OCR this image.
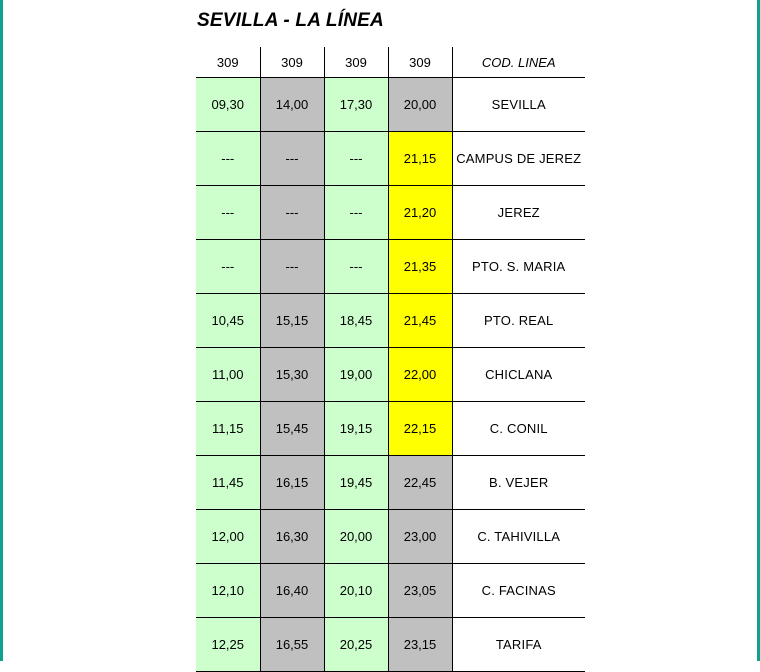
SEVILLA - LA LÍNEA
309	309	309	309	COD. LINEA
09,30	14,00	17,30	20,00	SEVILLA
---	---	---	21,15	CAMPUS DE JEREZ
---	---	---	21,20	JEREZ
---	---	---	21,35	PTO. S. MARIA
10,45	15,15	18,45	21,45	PTO. REAL
11,00	15,30	19,00	22,00	CHICLANA
11,15	15,45	19,15	22,15	C. CONIL
11,45	16,15	19,45	22,45	B. VEJER
12,00	16,30	20,00	23,00	C. TAHIVILLA
12,10	16,40	20,10	23,05	C. FACINAS
12,25	16,55	20,25	23,15	TARIFA
